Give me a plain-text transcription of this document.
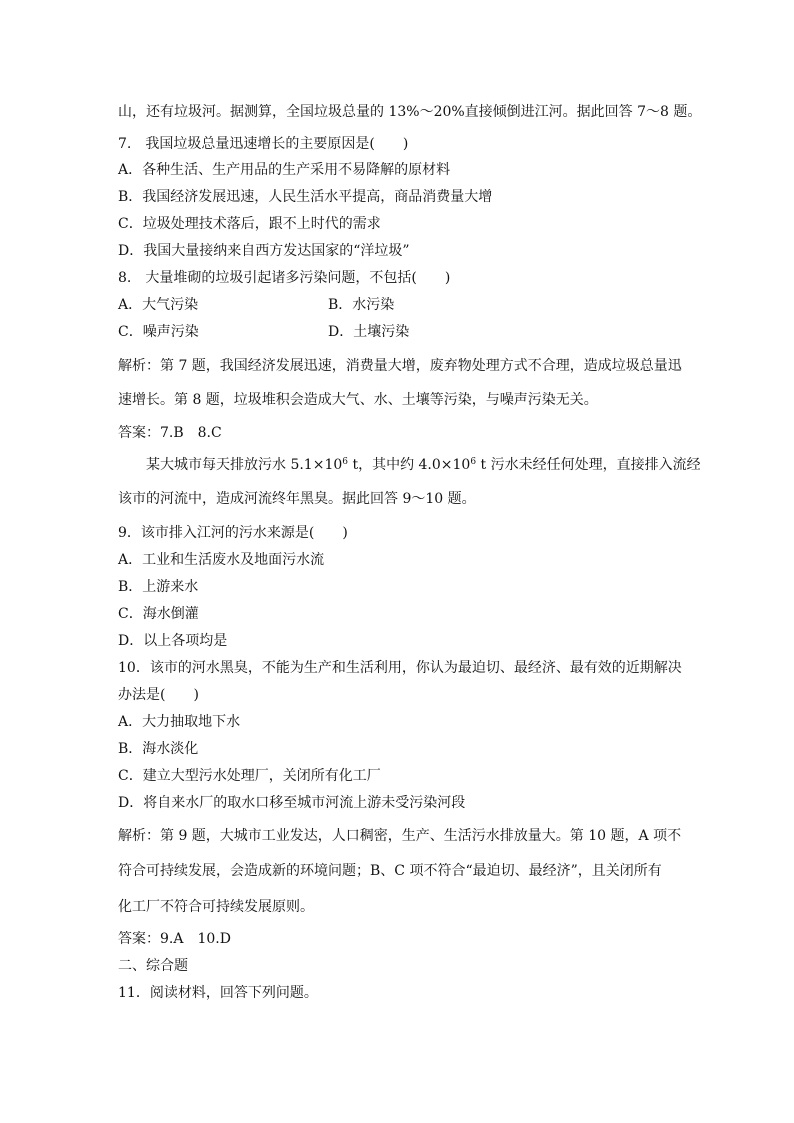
山，还有垃圾河。据测算，全国垃圾总量的 13%～20%直接倾倒进江河。据此回答 7～8 题。
7.　我国垃圾总量迅速增长的主要原因是(　　)
A．各种生活、生产用品的生产采用不易降解的原材料
B．我国经济发展迅速，人民生活水平提高，商品消费量大增
C．垃圾处理技术落后，跟不上时代的需求
D．我国大量接纳来自西方发达国家的“洋垃圾”
8.　大量堆砌的垃圾引起诸多污染问题，不包括(　　)
A．大气污染	B．水污染
C．噪声污染	D．土壤污染
解析：第 7 题，我国经济发展迅速，消费量大增，废弃物处理方式不合理，造成垃圾总量迅
速增长。第 8 题，垃圾堆积会造成大气、水、土壤等污染，与噪声污染无关。
答案：7.B　8.C
某大城市每天排放污水 $5.1\times 10^6$ t，其中约 $4.0\times 10^6$ t 污水未经任何处理，直接排入流经
该市的河流中，造成河流终年黑臭。据此回答 9～10 题。
9．该市排入江河的污水来源是(　　)
A．工业和生活废水及地面污水流
B．上游来水
C．海水倒灌
D．以上各项均是
10．该市的河水黑臭，不能为生产和生活利用，你认为最迫切、最经济、最有效的近期解决
办法是(　　)
A．大力抽取地下水
B．海水淡化
C．建立大型污水处理厂，关闭所有化工厂
D．将自来水厂的取水口移至城市河流上游未受污染河段
解析：第 9 题，大城市工业发达，人口稠密，生产、生活污水排放量大。第 10 题，A 项不
符合可持续发展，会造成新的环境问题；B、C 项不符合“最迫切、最经济”，且关闭所有
化工厂不符合可持续发展原则。
答案：9.A　10.D
二、综合题
11．阅读材料，回答下列问题。
